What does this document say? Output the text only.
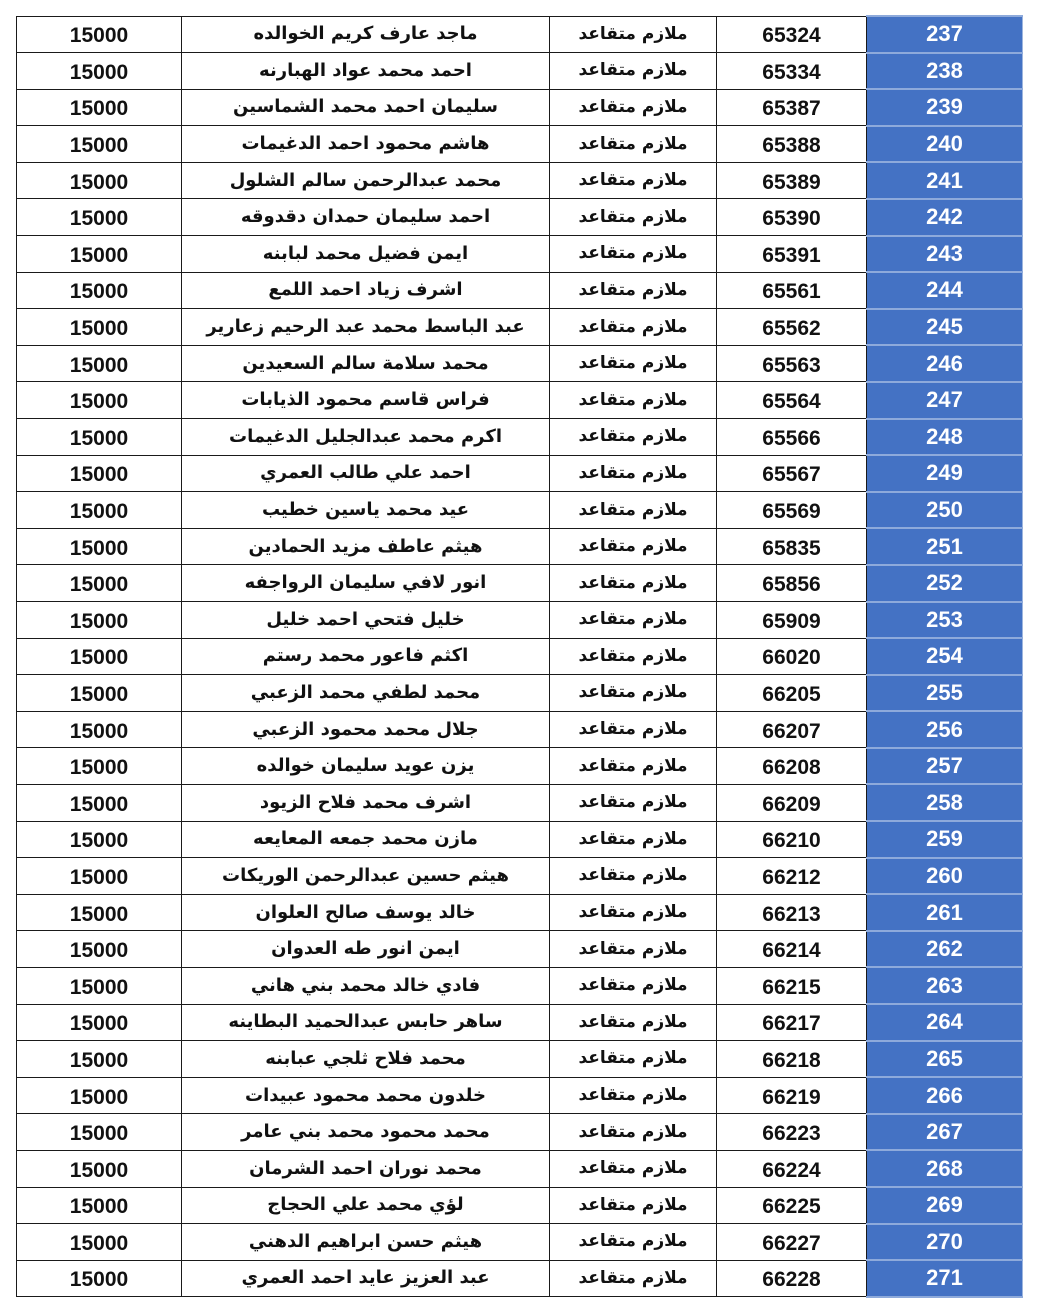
15000	ماجد عارف كريم الخوالده	ملازم متقاعد	65324	237
15000	احمد محمد عواد الهبارنه	ملازم متقاعد	65334	238
15000	سليمان احمد محمد الشماسين	ملازم متقاعد	65387	239
15000	هاشم محمود احمد الدغيمات	ملازم متقاعد	65388	240
15000	محمد عبدالرحمن سالم الشلول	ملازم متقاعد	65389	241
15000	احمد سليمان حمدان دقدوقه	ملازم متقاعد	65390	242
15000	ايمن فضيل محمد لبابنه	ملازم متقاعد	65391	243
15000	اشرف زياد احمد اللمع	ملازم متقاعد	65561	244
15000	عبد الباسط محمد عبد الرحيم زعارير	ملازم متقاعد	65562	245
15000	محمد سلامة سالم السعيدين	ملازم متقاعد	65563	246
15000	فراس قاسم محمود الذيابات	ملازم متقاعد	65564	247
15000	اكرم محمد عبدالجليل الدغيمات	ملازم متقاعد	65566	248
15000	احمد علي طالب العمري	ملازم متقاعد	65567	249
15000	عيد محمد ياسين خطيب	ملازم متقاعد	65569	250
15000	هيثم عاطف مزيد الحمادين	ملازم متقاعد	65835	251
15000	انور لافي سليمان الرواجفه	ملازم متقاعد	65856	252
15000	خليل فتحي احمد خليل	ملازم متقاعد	65909	253
15000	اكثم فاعور محمد رستم	ملازم متقاعد	66020	254
15000	محمد لطفي محمد الزعبي	ملازم متقاعد	66205	255
15000	جلال محمد محمود الزعبي	ملازم متقاعد	66207	256
15000	يزن عويد سليمان خوالده	ملازم متقاعد	66208	257
15000	اشرف محمد فلاح الزيود	ملازم متقاعد	66209	258
15000	مازن محمد جمعه المعايعه	ملازم متقاعد	66210	259
15000	هيثم حسين عبدالرحمن الوريكات	ملازم متقاعد	66212	260
15000	خالد يوسف صالح العلوان	ملازم متقاعد	66213	261
15000	ايمن انور طه العدوان	ملازم متقاعد	66214	262
15000	فادي خالد محمد بني هاني	ملازم متقاعد	66215	263
15000	ساهر حابس عبدالحميد البطاينه	ملازم متقاعد	66217	264
15000	محمد فلاح ثلجي عبابنه	ملازم متقاعد	66218	265
15000	خلدون محمد محمود عبيدات	ملازم متقاعد	66219	266
15000	محمد محمود محمد بني عامر	ملازم متقاعد	66223	267
15000	محمد نوران احمد الشرمان	ملازم متقاعد	66224	268
15000	لؤي محمد علي الحجاج	ملازم متقاعد	66225	269
15000	هيثم حسن ابراهيم الدهني	ملازم متقاعد	66227	270
15000	عبد العزيز عايد احمد العمري	ملازم متقاعد	66228	271
